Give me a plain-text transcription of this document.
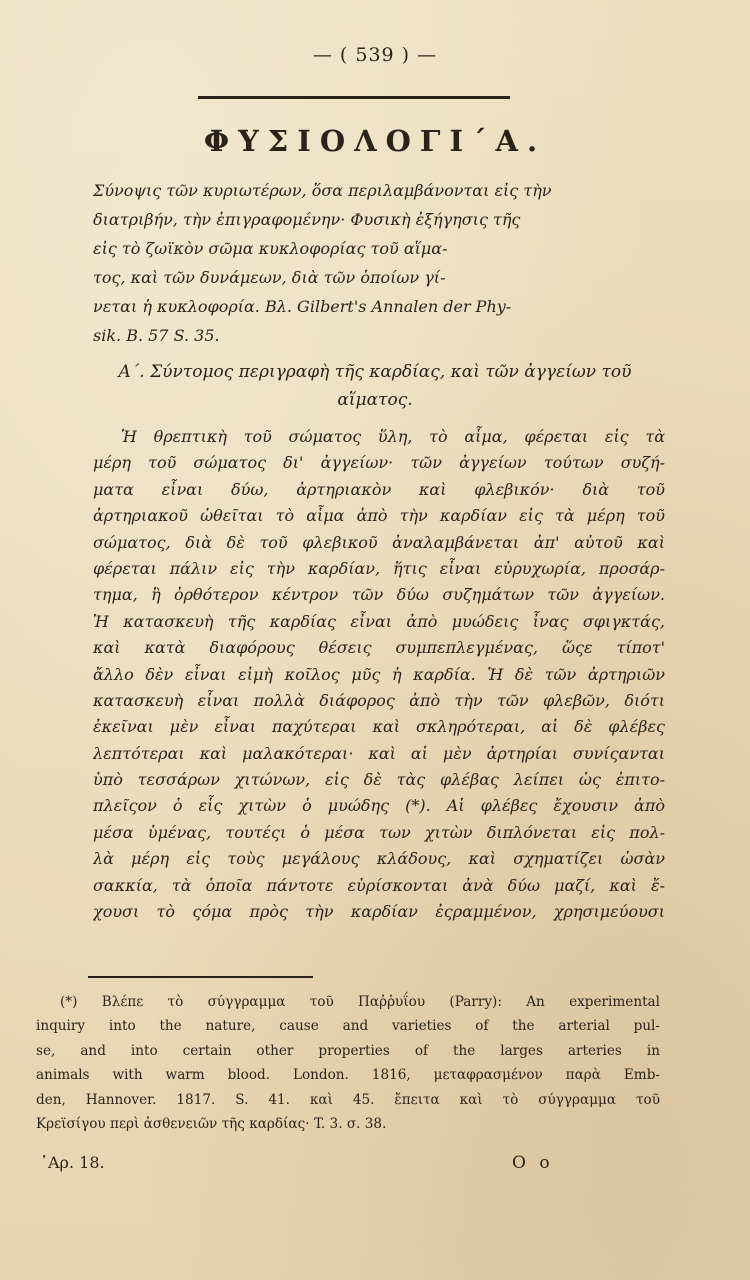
— ( 539 ) —
ΦΥΣΙΟΛΟΓΙ΄Α.
Σύνοψις τῶν κυριωτέρων, ὅσα περιλαμβάνονται εἰς τὴν
διατριβήν, τὴν ἐπιγραφομένην· Φυσικὴ ἐξήγησις τῆς
εἰς τὸ ζωϊκὸν σῶμα κυκλοφορίας τοῦ αἵμα-
τος, καὶ τῶν δυνάμεων, διὰ τῶν ὁποίων γί-
νεται ἡ κυκλοφορία. Βλ. Gilbert's Annalen der Phy-
sik. B. 57 S. 35.
Α΄. Σύντομος περιγραφὴ τῆς καρδίας, καὶ τῶν ἀγγείων τοῦ
αἵματος.
Ἡ θρεπτικὴ τοῦ σώματος ὕλη, τὸ αἷμα, φέρεται εἰς τὰ
μέρη τοῦ σώματος δι' ἀγγείων· τῶν ἀγγείων τούτων συζή-
ματα εἶναι δύω, ἀρτηριακὸν καὶ φλεβικόν· διὰ τοῦ
ἀρτηριακοῦ ὠθεῖται τὸ αἷμα ἀπὸ τὴν καρδίαν εἰς τὰ μέρη τοῦ
σώματος, διὰ δὲ τοῦ φλεβικοῦ ἀναλαμβάνεται ἀπ' αὐτοῦ καὶ
φέρεται πάλιν εἰς τὴν καρδίαν, ἥτις εἶναι εὐρυχωρία, προσάρ-
τημα, ἢ ὀρθότερον κέντρον τῶν δύω συζημάτων τῶν ἀγγείων.
Ἡ κατασκευὴ τῆς καρδίας εἶναι ἀπὸ μυώδεις ἶνας σφιγκτάς,
καὶ κατὰ διαφόρους θέσεις συμπεπλεγμένας, ὥςε τίποτ'
ἄλλο δὲν εἶναι εἰμὴ κοῖλος μῦς ἡ καρδία. Ἡ δὲ τῶν ἀρτηριῶν
κατασκευὴ εἶναι πολλὰ διάφορος ἀπὸ τὴν τῶν φλεβῶν, διότι
ἐκεῖναι μὲν εἶναι παχύτεραι καὶ σκληρότεραι, αἱ δὲ φλέβες
λεπτότεραι καὶ μαλακότεραι· καὶ αἱ μὲν ἀρτηρίαι συνίςανται
ὑπὸ τεσσάρων χιτώνων, εἰς δὲ τὰς φλέβας λείπει ὡς ἐπιτο-
πλεῖςον ὁ εἷς χιτὼν ὁ μυώδης (*). Αἱ φλέβες ἔχουσιν ἀπὸ
μέσα ὑμένας, τουτέςι ὁ μέσα των χιτὼν διπλόνεται εἰς πολ-
λὰ μέρη εἰς τοὺς μεγάλους κλάδους, καὶ σχηματίζει ὡσὰν
σακκία, τὰ ὁποῖα πάντοτε εὑρίσκονται ἀνὰ δύω μαζί, καὶ ἔ-
χουσι τὸ ςόμα πρὸς τὴν καρδίαν ἐςραμμένον, χρησιμεύουσι
(*) Βλέπε τὸ σύγγραμμα τοῦ Παῤῥυΐου (Parry): An experimental
inquiry into the nature, cause and varieties of the arterial pul-
se, and into certain other properties of the larges arteries in
animals with warm blood. London. 1816, μεταφρασμένον παρὰ Emb-
den, Hannover. 1817. S. 41. καὶ 45. ἔπειτα καὶ τὸ σύγγραμμα τοῦ
Κρεϊσίγου περὶ ἀσθενειῶν τῆς καρδίας· T. 3. σ. 38.
᾿Αρ. 18.	O o
